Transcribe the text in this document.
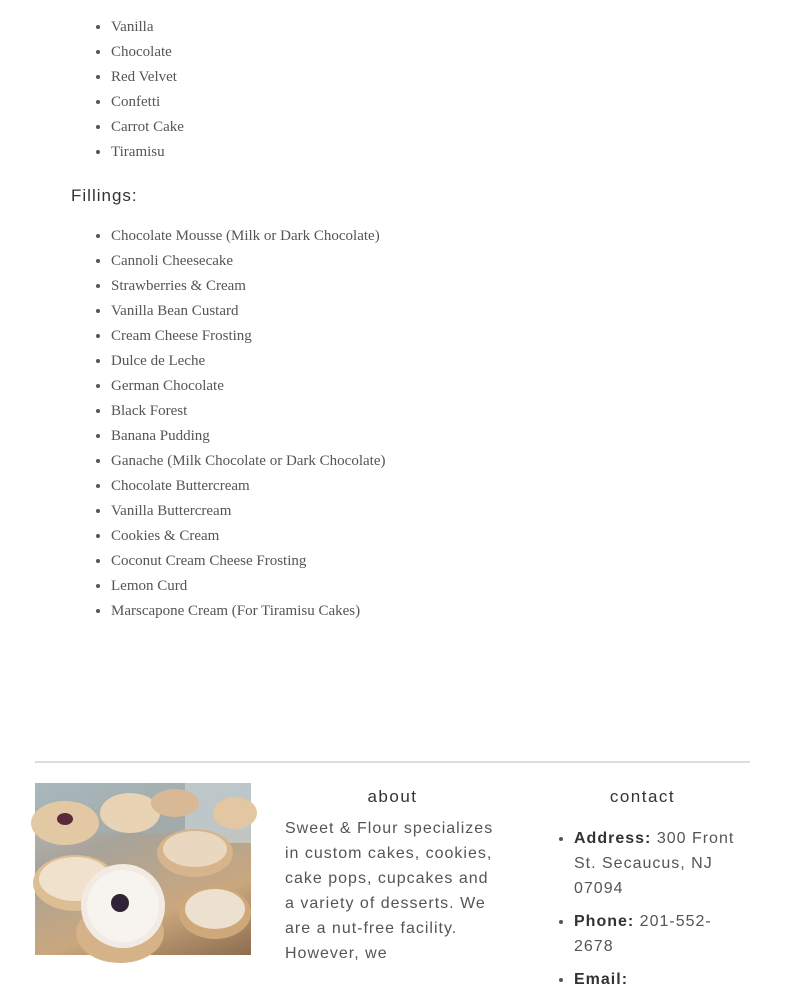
• Vanilla
• Chocolate
• Red Velvet
• Confetti
• Carrot Cake
• Tiramisu
Fillings:
• Chocolate Mousse (Milk or Dark Chocolate)
• Cannoli Cheesecake
• Strawberries & Cream
• Vanilla Bean Custard
• Cream Cheese Frosting
• Dulce de Leche
• German Chocolate
• Black Forest
• Banana Pudding
• Ganache (Milk Chocolate or Dark Chocolate)
• Chocolate Buttercream
• Vanilla Buttercream
• Cookies & Cream
• Coconut Cream Cheese Frosting
• Lemon Curd
• Marscapone Cream (For Tiramisu Cakes)
about

Sweet & Flour specializes in custom cakes, cookies, cake pops, cupcakes and a variety of desserts. We are a nut-free facility. However, we

contact
• Address: 300 Front St. Secaucus, NJ 07094
• Phone: 201-552-2678
• Email:
